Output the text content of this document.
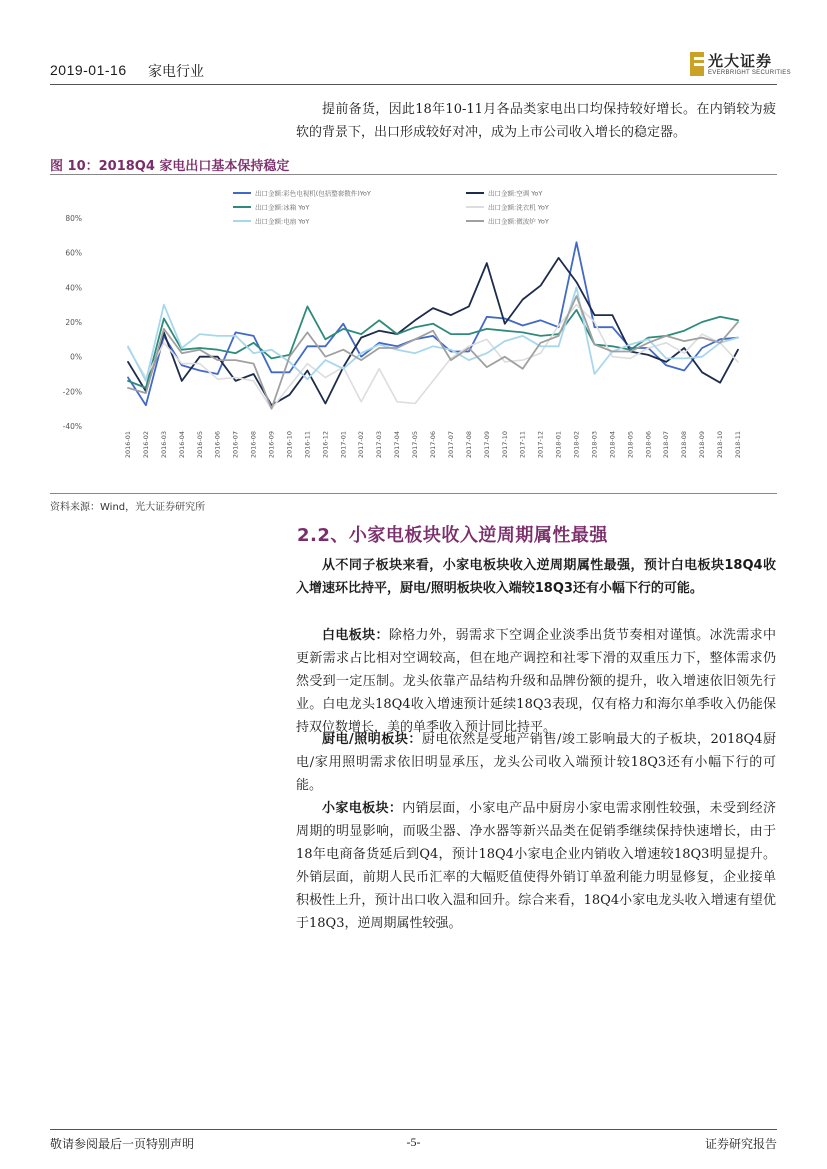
2019-01-16 家电行业
光大证券
EVERBRIGHT SECURITIES

提前备货，因此18年10-11月各品类家电出口均保持较好增长。在内销较为疲软的背景下，出口形成较好对冲，成为上市公司收入增长的稳定器。

图 10：2018Q4 家电出口基本保持稳定
出口金额:彩色电视机(包括整套散件)YoY	出口金额:空调 YoY
出口金额:冰箱 YoY	出口金额:洗衣机 YoY
出口金额:电扇 YoY	出口金额:微波炉 YoY
80%
60%
40%
20%
0%
-20%
-40%
2016-01 2016-02 2016-03 2016-04 2016-05 2016-06 2016-07 2016-08 2016-09 2016-10 2016-11 2016-12 2017-01 2017-02 2017-03 2017-04 2017-05 2017-06 2017-07 2017-08 2017-09 2017-10 2017-11 2017-12 2018-01 2018-02 2018-03 2018-04 2018-05 2018-06 2018-07 2018-08 2018-09 2018-10 2018-11
资料来源：Wind，光大证券研究所
2.2、小家电板块收入逆周期属性最强

从不同子板块来看，小家电板块收入逆周期属性最强，预计白电板块18Q4收入增速环比持平，厨电/照明板块收入端较18Q3还有小幅下行的可能。

白电板块：除格力外，弱需求下空调企业淡季出货节奏相对谨慎。冰洗需求中更新需求占比相对空调较高，但在地产调控和社零下滑的双重压力下，整体需求仍然受到一定压制。龙头依靠产品结构升级和品牌份额的提升，收入增速依旧领先行业。白电龙头18Q4收入增速预计延续18Q3表现，仅有格力和海尔单季收入仍能保持双位数增长，美的单季收入预计同比持平。

厨电/照明板块：厨电依然是受地产销售/竣工影响最大的子板块，2018Q4厨电/家用照明需求依旧明显承压，龙头公司收入端预计较18Q3还有小幅下行的可能。

小家电板块：内销层面，小家电产品中厨房小家电需求刚性较强，未受到经济周期的明显影响，而吸尘器、净水器等新兴品类在促销季继续保持快速增长，由于18年电商备货延后到Q4，预计18Q4小家电企业内销收入增速较18Q3明显提升。外销层面，前期人民币汇率的大幅贬值使得外销订单盈利能力明显修复，企业接单积极性上升，预计出口收入温和回升。综合来看，18Q4小家电龙头收入增速有望优于18Q3，逆周期属性较强。

敬请参阅最后一页特别声明	-5-	证券研究报告
